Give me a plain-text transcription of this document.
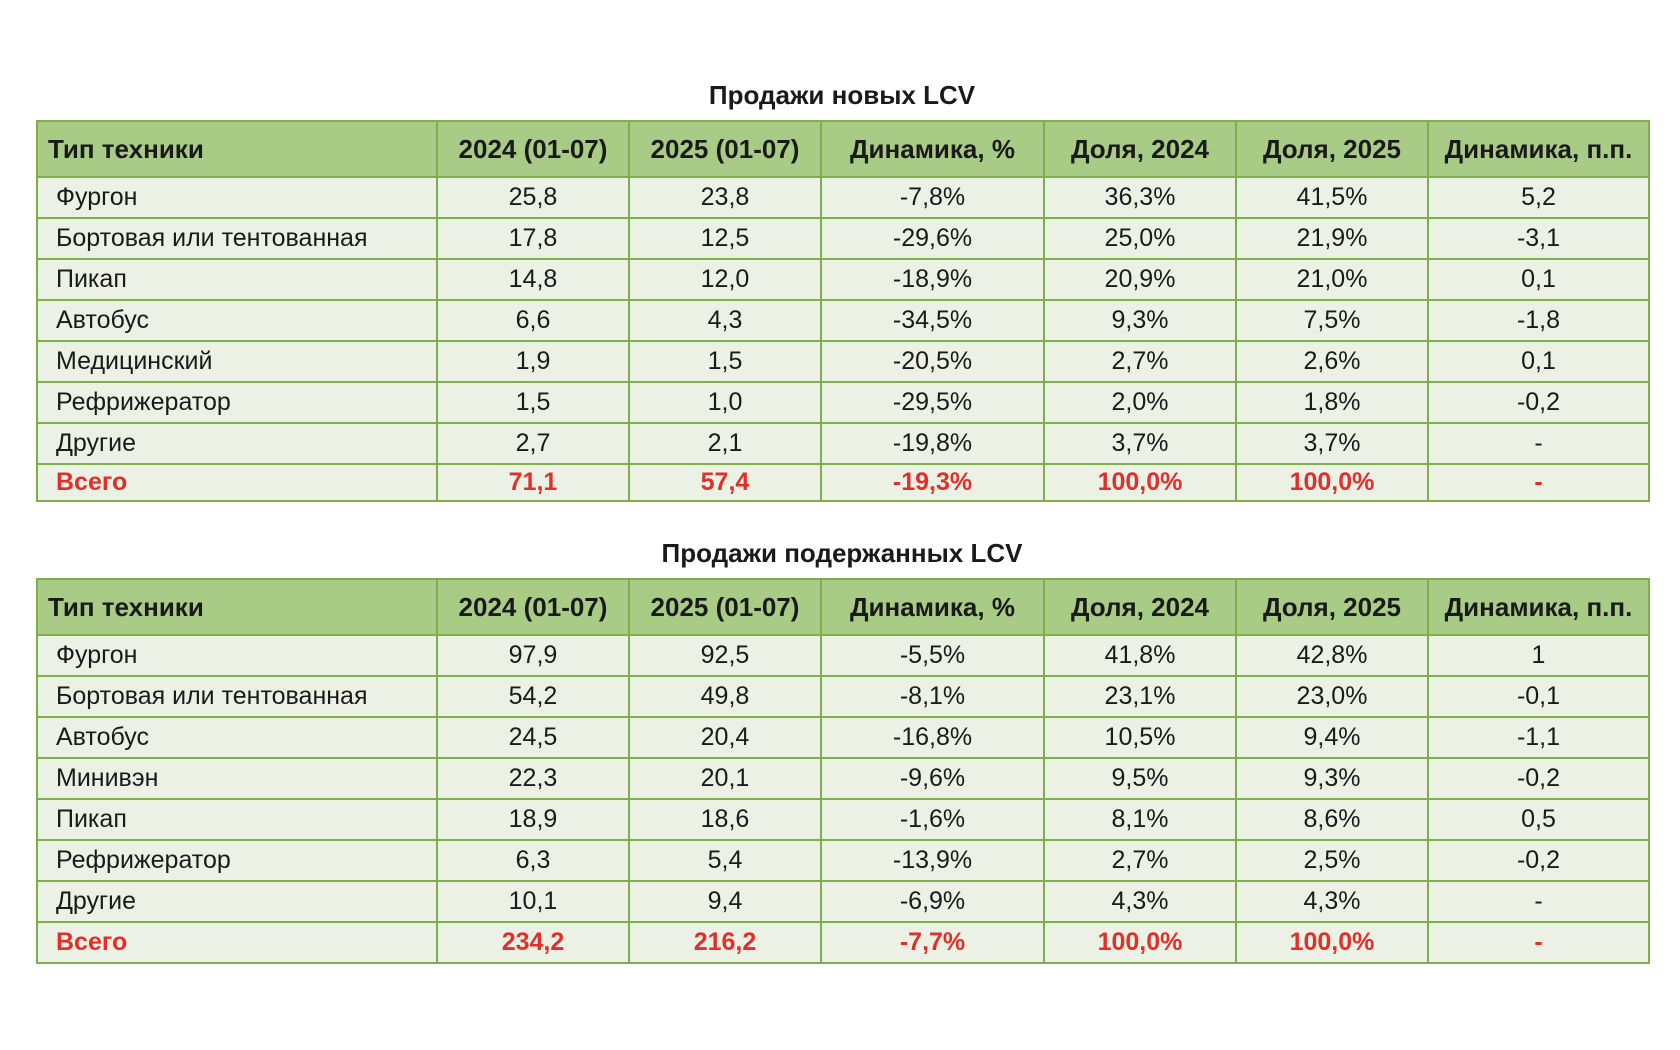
Продажи новых LCV
Тип техники	2024 (01-07)	2025 (01-07)	Динамика, %	Доля, 2024	Доля, 2025	Динамика, п.п.
Фургон	25,8	23,8	-7,8%	36,3%	41,5%	5,2
Бортовая или тентованная	17,8	12,5	-29,6%	25,0%	21,9%	-3,1
Пикап	14,8	12,0	-18,9%	20,9%	21,0%	0,1
Автобус	6,6	4,3	-34,5%	9,3%	7,5%	-1,8
Медицинский	1,9	1,5	-20,5%	2,7%	2,6%	0,1
Рефрижератор	1,5	1,0	-29,5%	2,0%	1,8%	-0,2
Другие	2,7	2,1	-19,8%	3,7%	3,7%	-
Всего	71,1	57,4	-19,3%	100,0%	100,0%	-
Продажи подержанных LCV
Тип техники	2024 (01-07)	2025 (01-07)	Динамика, %	Доля, 2024	Доля, 2025	Динамика, п.п.
Фургон	97,9	92,5	-5,5%	41,8%	42,8%	1
Бортовая или тентованная	54,2	49,8	-8,1%	23,1%	23,0%	-0,1
Автобус	24,5	20,4	-16,8%	10,5%	9,4%	-1,1
Минивэн	22,3	20,1	-9,6%	9,5%	9,3%	-0,2
Пикап	18,9	18,6	-1,6%	8,1%	8,6%	0,5
Рефрижератор	6,3	5,4	-13,9%	2,7%	2,5%	-0,2
Другие	10,1	9,4	-6,9%	4,3%	4,3%	-
Всего	234,2	216,2	-7,7%	100,0%	100,0%	-
